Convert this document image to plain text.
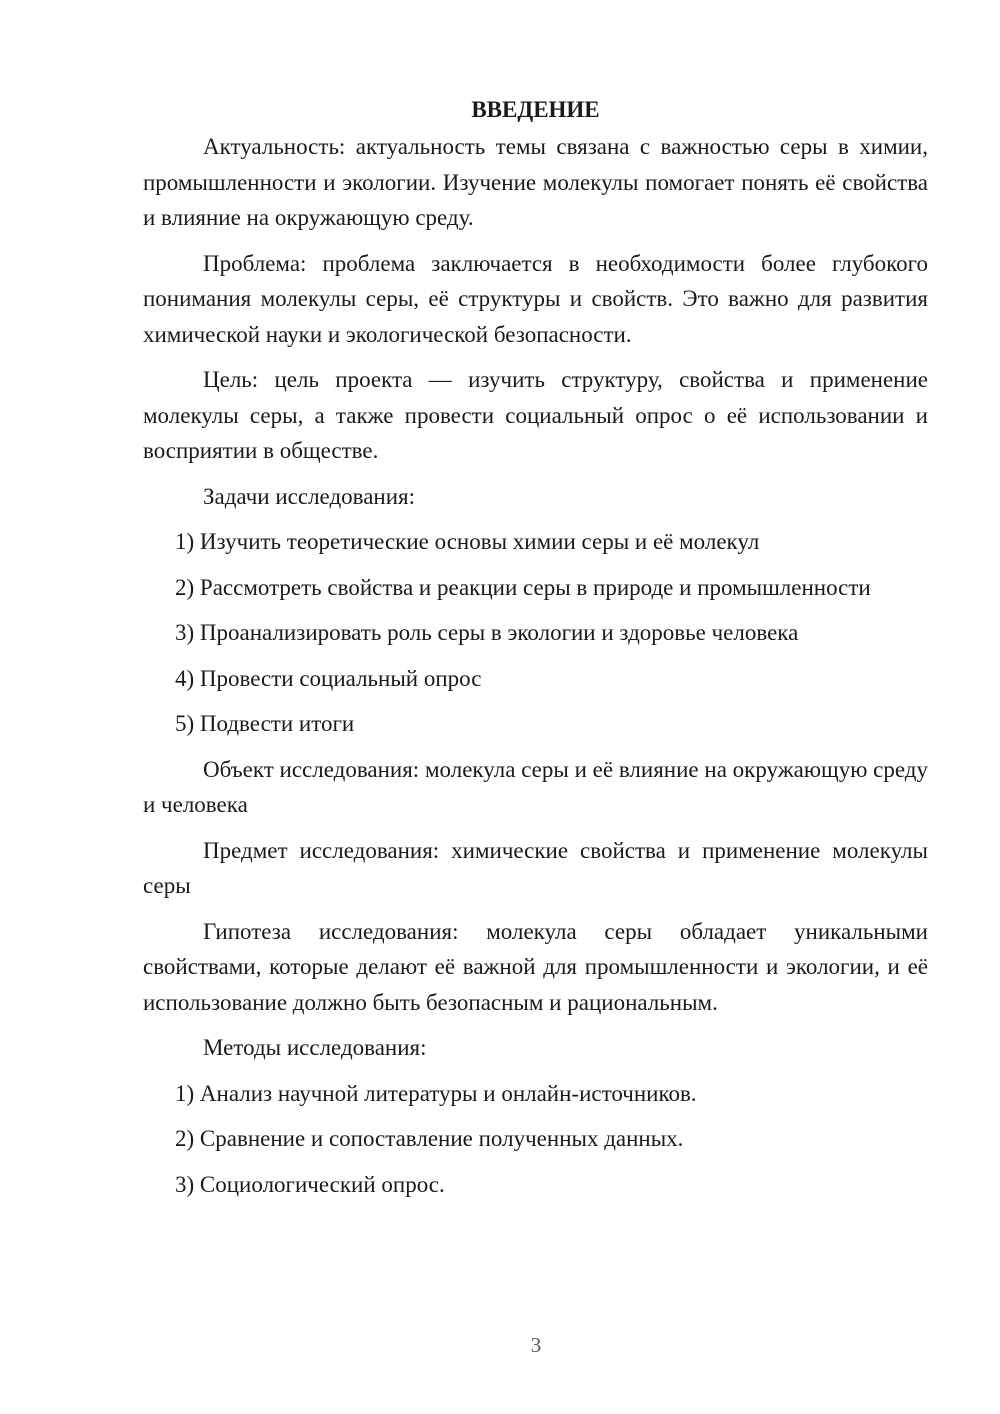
ВВЕДЕНИЕ

Актуальность: актуальность темы связана с важностью серы в химии, промышленности и экологии. Изучение молекулы помогает понять её свойства и влияние на окружающую среду.

Проблема: проблема заключается в необходимости более глубокого понимания молекулы серы, её структуры и свойств. Это важно для развития химической науки и экологической безопасности.

Цель: цель проекта — изучить структуру, свойства и применение молекулы серы, а также провести социальный опрос о её использовании и восприятии в обществе.

Задачи исследования:

1) Изучить теоретические основы химии серы и её молекул

2) Рассмотреть свойства и реакции серы в природе и промышленности

3) Проанализировать роль серы в экологии и здоровье человека

4) Провести социальный опрос

5) Подвести итоги

Объект исследования: молекула серы и её влияние на окружающую среду и человека

Предмет исследования: химические свойства и применение молекулы серы

Гипотеза исследования: молекула серы обладает уникальными свойствами, которые делают её важной для промышленности и экологии, и её использование должно быть безопасным и рациональным.

Методы исследования:

1) Анализ научной литературы и онлайн-источников.

2) Сравнение и сопоставление полученных данных.

3) Социологический опрос.

3
